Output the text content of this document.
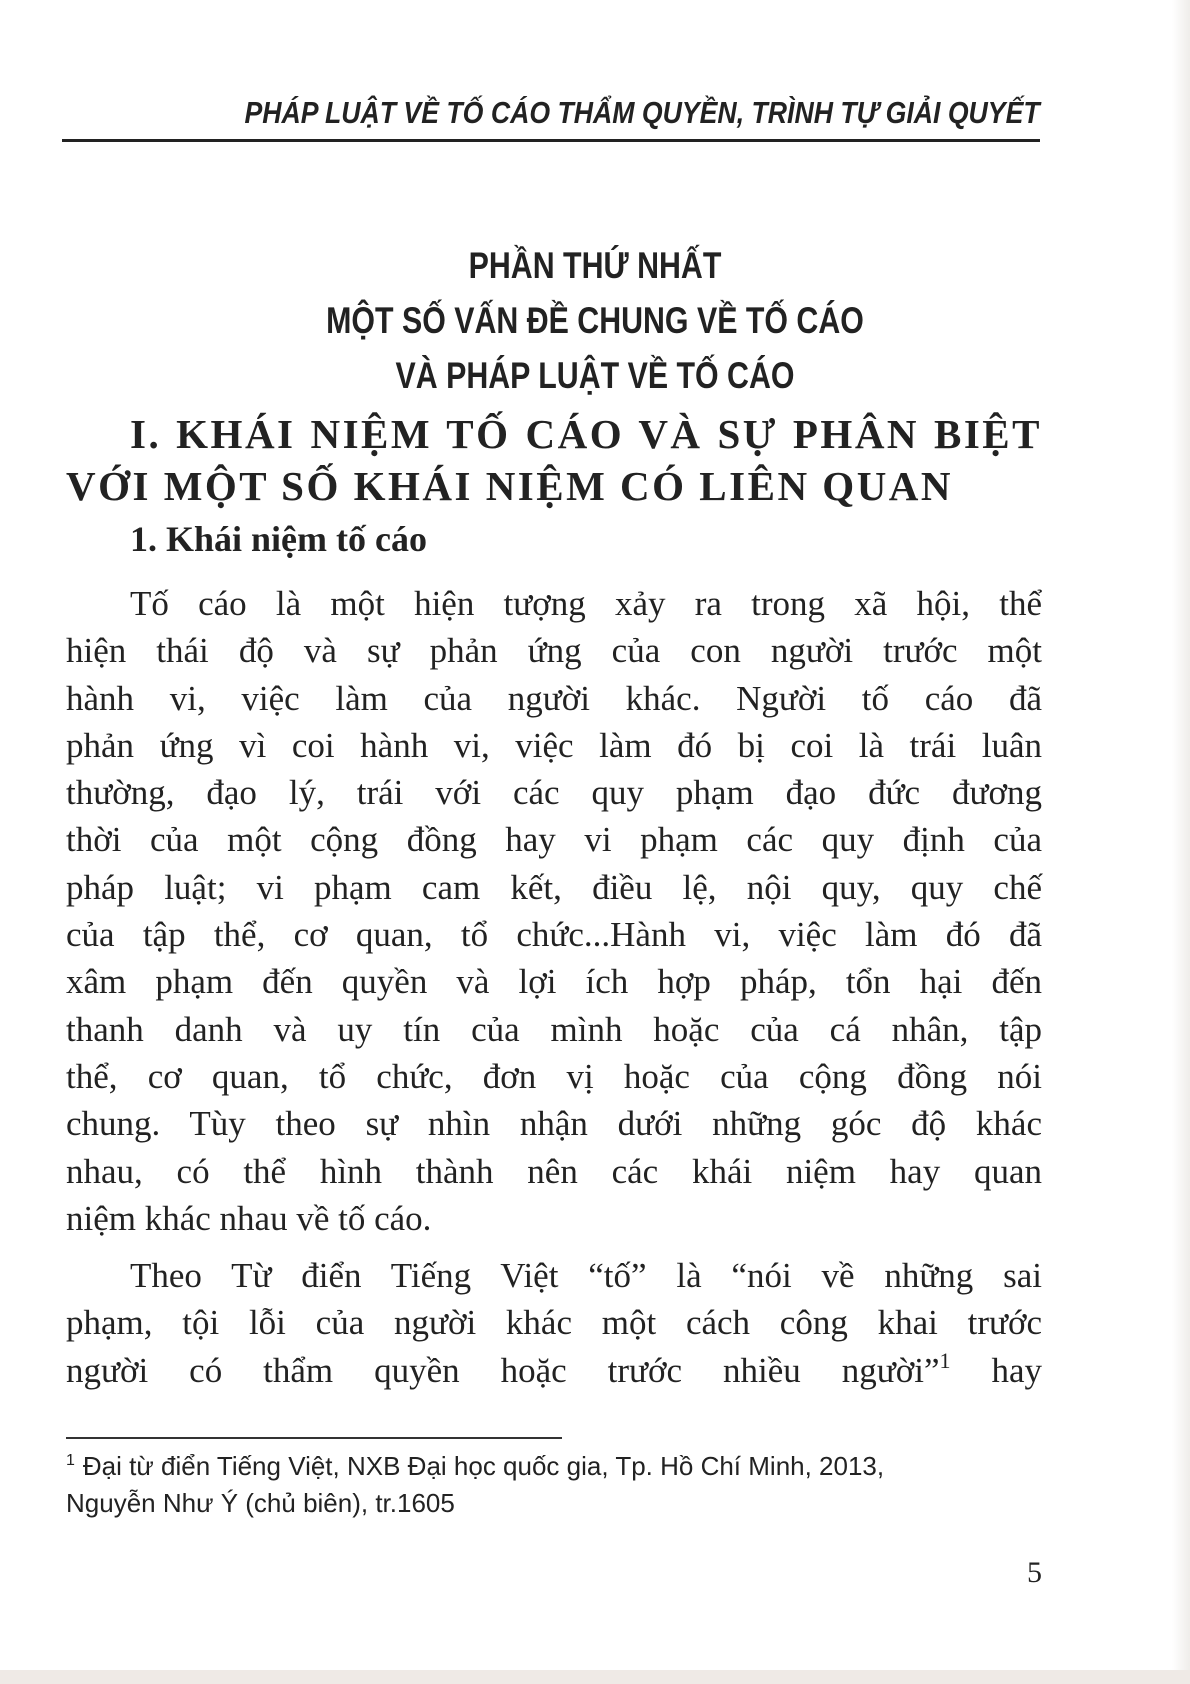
PHÁP LUẬT VỀ TỐ CÁO THẨM QUYỀN, TRÌNH TỰ GIẢI QUYẾT
PHẦN THỨ NHẤT
MỘT SỐ VẤN ĐỀ CHUNG VỀ TỐ CÁO
VÀ PHÁP LUẬT VỀ TỐ CÁO
I. KHÁI NIỆM TỐ CÁO VÀ SỰ PHÂN BIỆT
VỚI MỘT SỐ KHÁI NIỆM CÓ LIÊN QUAN
1. Khái niệm tố cáo
Tố cáo là một hiện tượng xảy ra trong xã hội, thể
hiện thái độ và sự phản ứng của con người trước một
hành vi, việc làm của người khác. Người tố cáo đã
phản ứng vì coi hành vi, việc làm đó bị coi là trái luân
thường, đạo lý, trái với các quy phạm đạo đức đương
thời của một cộng đồng hay vi phạm các quy định của
pháp luật; vi phạm cam kết, điều lệ, nội quy, quy chế
của tập thể, cơ quan, tổ chức...Hành vi, việc làm đó đã
xâm phạm đến quyền và lợi ích hợp pháp, tổn hại đến
thanh danh và uy tín của mình hoặc của cá nhân, tập
thể, cơ quan, tổ chức, đơn vị hoặc của cộng đồng nói
chung. Tùy theo sự nhìn nhận dưới những góc độ khác
nhau, có thể hình thành nên các khái niệm hay quan
niệm khác nhau về tố cáo.
Theo Từ điển Tiếng Việt “tố” là “nói về những sai
phạm, tội lỗi của người khác một cách công khai trước
người có thẩm quyền hoặc trước nhiều người”$^1$ hay
$^1$ Đại từ điển Tiếng Việt, NXB Đại học quốc gia, Tp. Hồ Chí Minh, 2013,
Nguyễn Như Ý (chủ biên), tr.1605
5
